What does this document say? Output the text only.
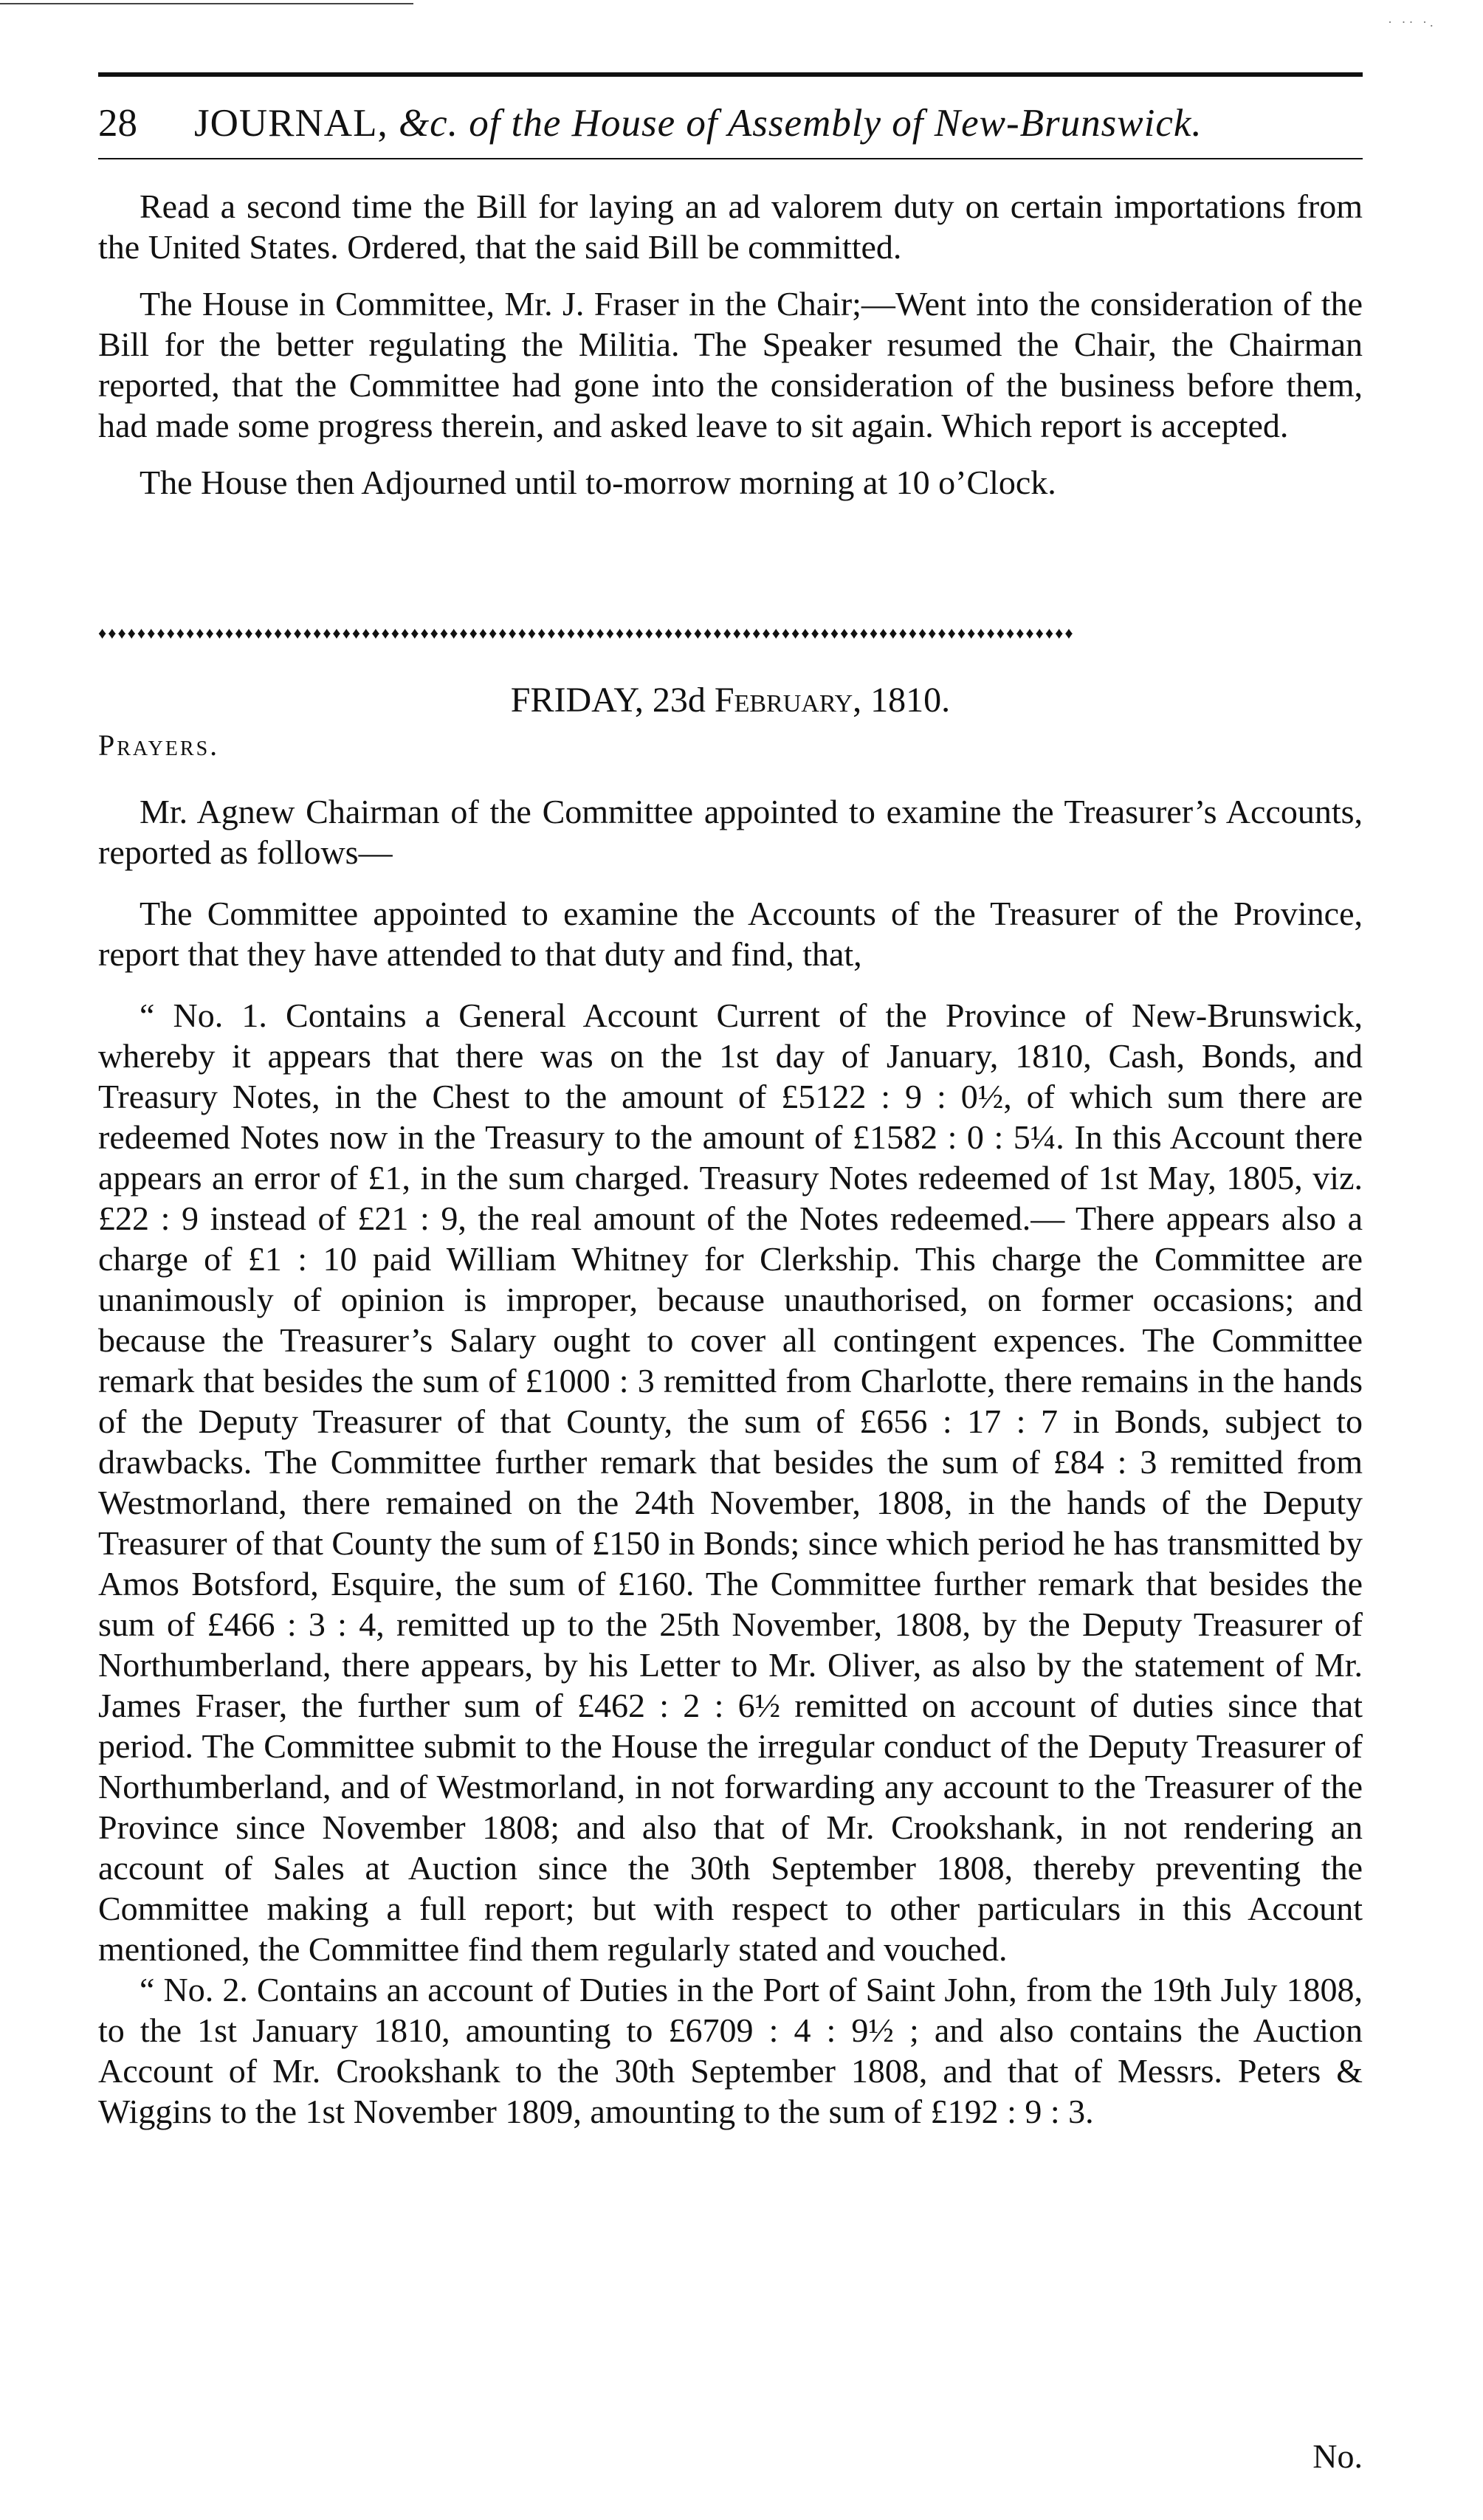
· ·· ·.
28 JOURNAL, &c. of the House of Assembly of New-Brunswick.

Read a second time the Bill for laying an ad valorem duty on certain importations from the United States. Ordered, that the said Bill be committed.

The House in Committee, Mr. J. Fraser in the Chair;—Went into the consideration of the Bill for the better regulating the Militia. The Speaker resumed the Chair, the Chairman reported, that the Committee had gone into the consideration of the business before them, had made some progress therein, and asked leave to sit again. Which report is accepted.

The House then Adjourned until to-morrow morning at 10 o’Clock.

♦♦♦♦♦♦♦♦♦♦♦♦♦♦♦♦♦♦♦♦♦♦♦♦♦♦♦♦♦♦♦♦♦♦♦♦♦♦♦♦♦♦♦♦♦♦♦♦♦♦♦♦♦♦♦♦♦♦♦♦♦♦♦♦♦♦♦♦♦♦♦♦♦♦♦♦♦♦♦♦♦♦♦♦♦♦♦♦♦♦♦♦♦♦♦♦♦♦♦♦
FRIDAY, 23d February, 1810.
Prayers.

Mr. Agnew Chairman of the Committee appointed to examine the Treasurer’s Accounts, reported as follows—

The Committee appointed to examine the Accounts of the Treasurer of the Province, report that they have attended to that duty and find, that,

“ No. 1. Contains a General Account Current of the Province of New-Brunswick, whereby it appears that there was on the 1st day of January, 1810, Cash, Bonds, and Treasury Notes, in the Chest to the amount of £5122 : 9 : 0½, of which sum there are redeemed Notes now in the Treasury to the amount of £1582 : 0 : 5¼. In this Account there appears an error of £1, in the sum charged. Treasury Notes redeemed of 1st May, 1805, viz. £22 : 9 instead of £21 : 9, the real amount of the Notes redeemed.— There appears also a charge of £1 : 10 paid William Whitney for Clerkship. This charge the Committee are unanimously of opinion is improper, because unauthorised, on former occasions; and because the Treasurer’s Salary ought to cover all contingent expences. The Committee remark that besides the sum of £1000 : 3 remitted from Charlotte, there remains in the hands of the Deputy Treasurer of that County, the sum of £656 : 17 : 7 in Bonds, subject to drawbacks. The Committee further remark that besides the sum of £84 : 3 remitted from Westmorland, there remained on the 24th November, 1808, in the hands of the Deputy Treasurer of that County the sum of £150 in Bonds; since which period he has transmitted by Amos Botsford, Esquire, the sum of £160. The Committee further remark that besides the sum of £466 : 3 : 4, remitted up to the 25th November, 1808, by the Deputy Treasurer of Northumberland, there appears, by his Letter to Mr. Oliver, as also by the statement of Mr. James Fraser, the further sum of £462 : 2 : 6½ remitted on account of duties since that period. The Committee submit to the House the irregular conduct of the Deputy Treasurer of Northumberland, and of Westmorland, in not forwarding any account to the Treasurer of the Province since November 1808; and also that of Mr. Crookshank, in not rendering an account of Sales at Auction since the 30th September 1808, thereby preventing the Committee making a full report; but with respect to other particulars in this Account mentioned, the Committee find them regularly stated and vouched.

“ No. 2. Contains an account of Duties in the Port of Saint John, from the 19th July 1808, to the 1st January 1810, amounting to £6709 : 4 : 9½ ; and also contains the Auction Account of Mr. Crookshank to the 30th September 1808, and that of Messrs. Peters & Wiggins to the 1st November 1809, amounting to the sum of £192 : 9 : 3.

No.
